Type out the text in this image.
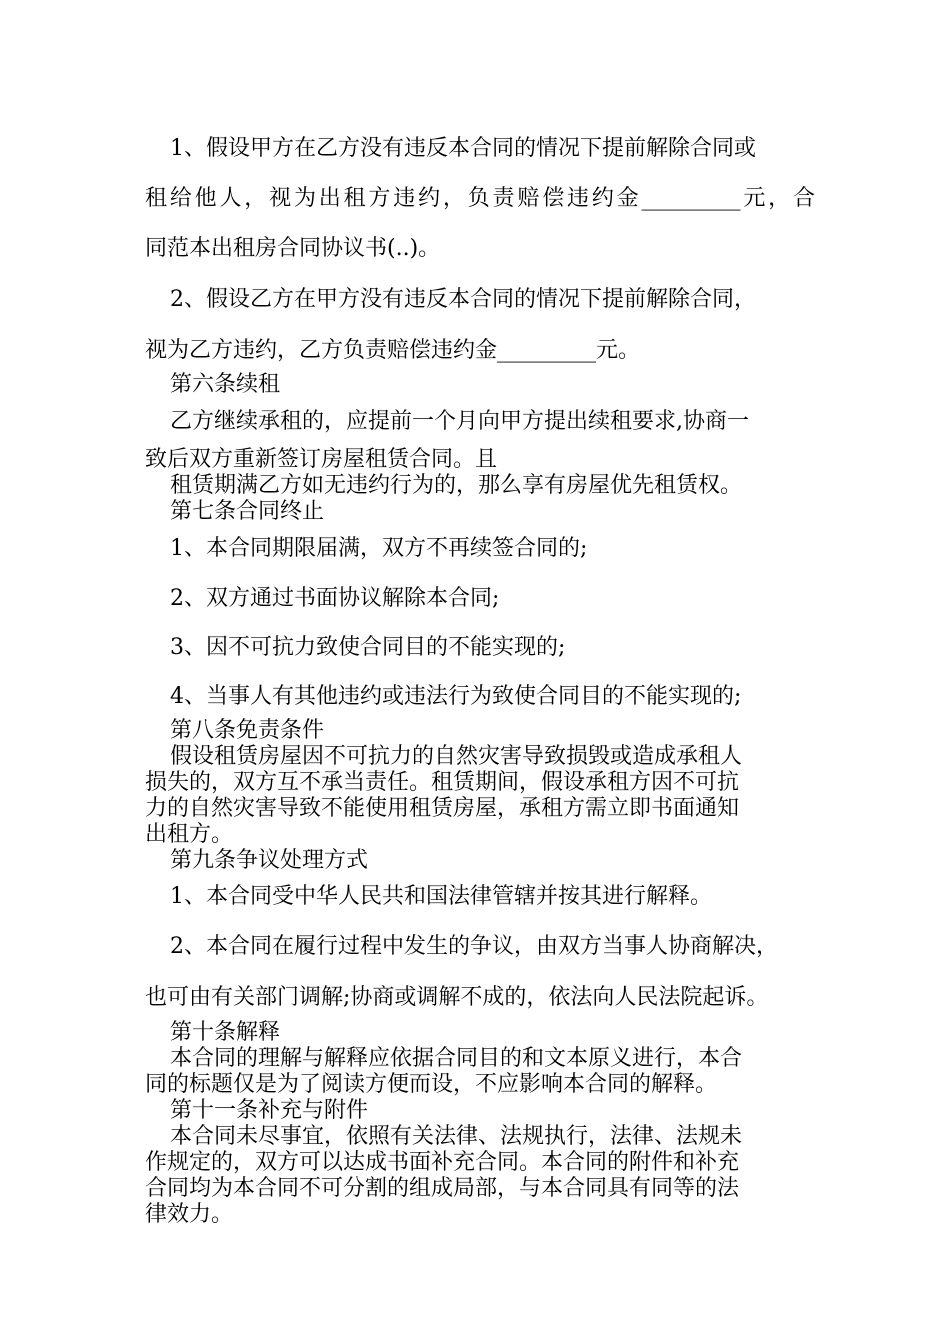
1、假设甲方在乙方没有违反本合同的情况下提前解除合同或
租给他人，视为出租方违约，负责赔偿违约金_________元，合
同范本出租房合同协议书(..)。
2、假设乙方在甲方没有违反本合同的情况下提前解除合同，
视为乙方违约，乙方负责赔偿违约金_________元。
第六条续租
乙方继续承租的，应提前一个月向甲方提出续租要求,协商一
致后双方重新签订房屋租赁合同。且
租赁期满乙方如无违约行为的，那么享有房屋优先租赁权。
第七条合同终止
1、本合同期限届满，双方不再续签合同的;
2、双方通过书面协议解除本合同;
3、因不可抗力致使合同目的不能实现的;
4、当事人有其他违约或违法行为致使合同目的不能实现的;
第八条免责条件
假设租赁房屋因不可抗力的自然灾害导致损毁或造成承租人
损失的，双方互不承当责任。租赁期间，假设承租方因不可抗
力的自然灾害导致不能使用租赁房屋，承租方需立即书面通知
出租方。
第九条争议处理方式
1、本合同受中华人民共和国法律管辖并按其进行解释。
2、本合同在履行过程中发生的争议，由双方当事人协商解决，
也可由有关部门调解;协商或调解不成的，依法向人民法院起诉。
第十条解释
本合同的理解与解释应依据合同目的和文本原义进行，本合
同的标题仅是为了阅读方便而设，不应影响本合同的解释。
第十一条补充与附件
本合同未尽事宜，依照有关法律、法规执行，法律、法规未
作规定的，双方可以达成书面补充合同。本合同的附件和补充
合同均为本合同不可分割的组成局部，与本合同具有同等的法
律效力。
